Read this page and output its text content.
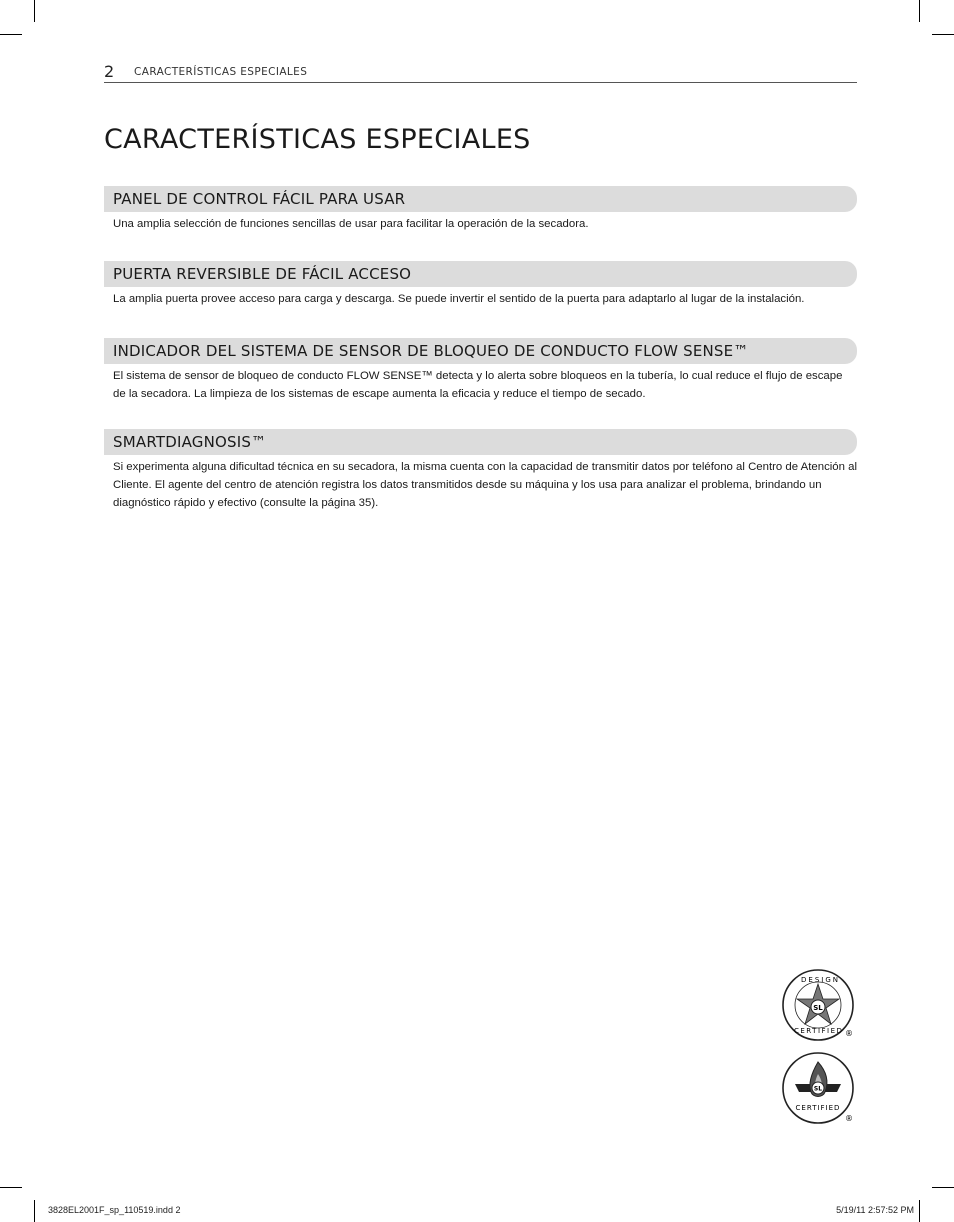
2 CARACTERÍSTICAS ESPECIALES
CARACTERÍSTICAS ESPECIALES
PANEL DE CONTROL FÁCIL PARA USAR

Una amplia selección de funciones sencillas de usar para facilitar la operación de la secadora.

PUERTA REVERSIBLE DE FÁCIL ACCESO

La amplia puerta provee acceso para carga y descarga. Se puede invertir el sentido de la puerta para adaptarlo al lugar de la instalación.

INDICADOR DEL SISTEMA DE SENSOR DE BLOQUEO DE CONDUCTO FLOW SENSE™

El sistema de sensor de bloqueo de conducto FLOW SENSE™ detecta y lo alerta sobre bloqueos en la tubería, lo cual reduce el flujo de escape de la secadora. La limpieza de los sistemas de escape aumenta la eficacia y reduce el tiempo de secado.

SMARTDIAGNOSIS™

Si experimenta alguna dificultad técnica en su secadora, la misma cuenta con la capacidad de transmitir datos por teléfono al Centro de Atención al Cliente. El agente del centro de atención registra los datos transmitidos desde su máquina y los usa para analizar el problema, brindando un diagnóstico rápido y efectivo (consulte la página 35).

SL
DESIGN
CERTIFIED ®
SL
CERTIFIED
®
3828EL2001F_sp_110519.indd 2	5/19/11 2:57:52 PM
